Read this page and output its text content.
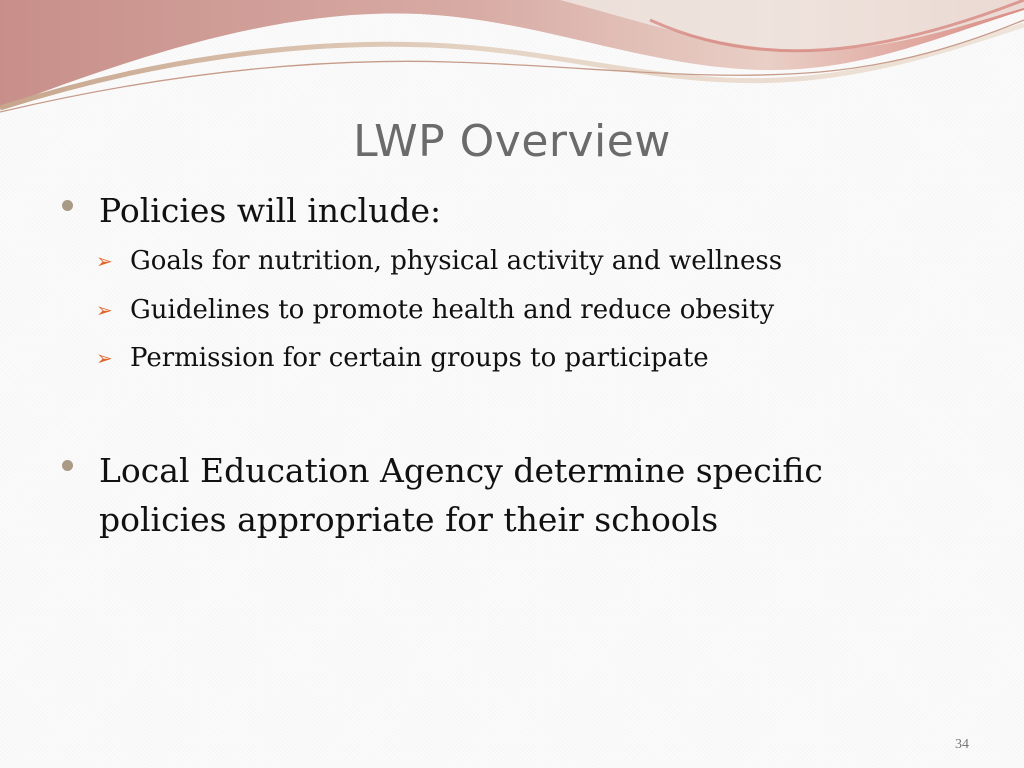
LWP Overview
Policies will include:
➢ Goals for nutrition, physical activity and wellness
➢ Guidelines to promote health and reduce obesity
➢ Permission for certain groups to participate
Local Education Agency determine specific policies appropriate for their schools
34
